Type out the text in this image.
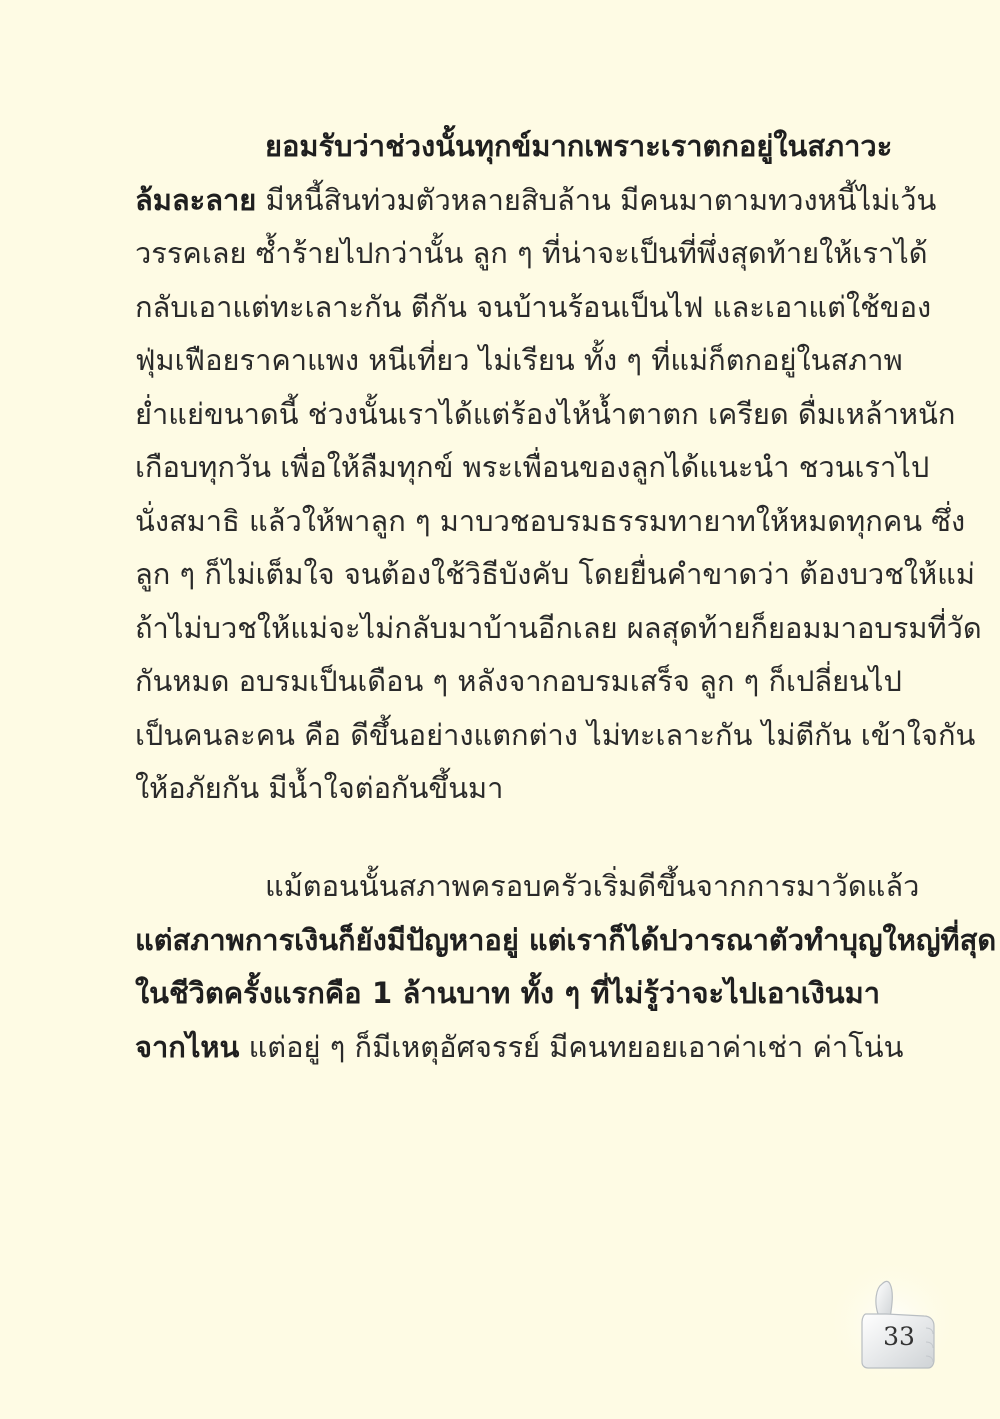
ยอมรับว่าช่วงนั้นทุกข์มากเพราะเราตกอยู่ในสภาวะ
ล้มละลาย มีหนี้สินท่วมตัวหลายสิบล้าน มีคนมาตามทวงหนี้ไม่เว้น
วรรคเลย ซ้ำร้ายไปกว่านั้น ลูก ๆ ที่น่าจะเป็นที่พึ่งสุดท้ายให้เราได้
กลับเอาแต่ทะเลาะกัน ตีกัน จนบ้านร้อนเป็นไฟ และเอาแต่ใช้ของ
ฟุ่มเฟือยราคาแพง หนีเที่ยว ไม่เรียน ทั้ง ๆ ที่แม่ก็ตกอยู่ในสภาพ
ย่ำแย่ขนาดนี้ ช่วงนั้นเราได้แต่ร้องไห้น้ำตาตก เครียด ดื่มเหล้าหนัก
เกือบทุกวัน เพื่อให้ลืมทุกข์ พระเพื่อนของลูกได้แนะนำ ชวนเราไป
นั่งสมาธิ แล้วให้พาลูก ๆ มาบวชอบรมธรรมทายาทให้หมดทุกคน ซึ่ง
ลูก ๆ ก็ไม่เต็มใจ จนต้องใช้วิธีบังคับ โดยยื่นคำขาดว่า ต้องบวชให้แม่
ถ้าไม่บวชให้แม่จะไม่กลับมาบ้านอีกเลย ผลสุดท้ายก็ยอมมาอบรมที่วัด
กันหมด อบรมเป็นเดือน ๆ หลังจากอบรมเสร็จ ลูก ๆ ก็เปลี่ยนไป
เป็นคนละคน คือ ดีขึ้นอย่างแตกต่าง ไม่ทะเลาะกัน ไม่ตีกัน เข้าใจกัน
ให้อภัยกัน มีน้ำใจต่อกันขึ้นมา
แม้ตอนนั้นสภาพครอบครัวเริ่มดีขึ้นจากการมาวัดแล้ว
แต่สภาพการเงินก็ยังมีปัญหาอยู่ แต่เราก็ได้ปวารณาตัวทำบุญใหญ่ที่สุด
ในชีวิตครั้งแรกคือ 1 ล้านบาท ทั้ง ๆ ที่ไม่รู้ว่าจะไปเอาเงินมา
จากไหน แต่อยู่ ๆ ก็มีเหตุอัศจรรย์ มีคนทยอยเอาค่าเช่า ค่าโน่น
33
